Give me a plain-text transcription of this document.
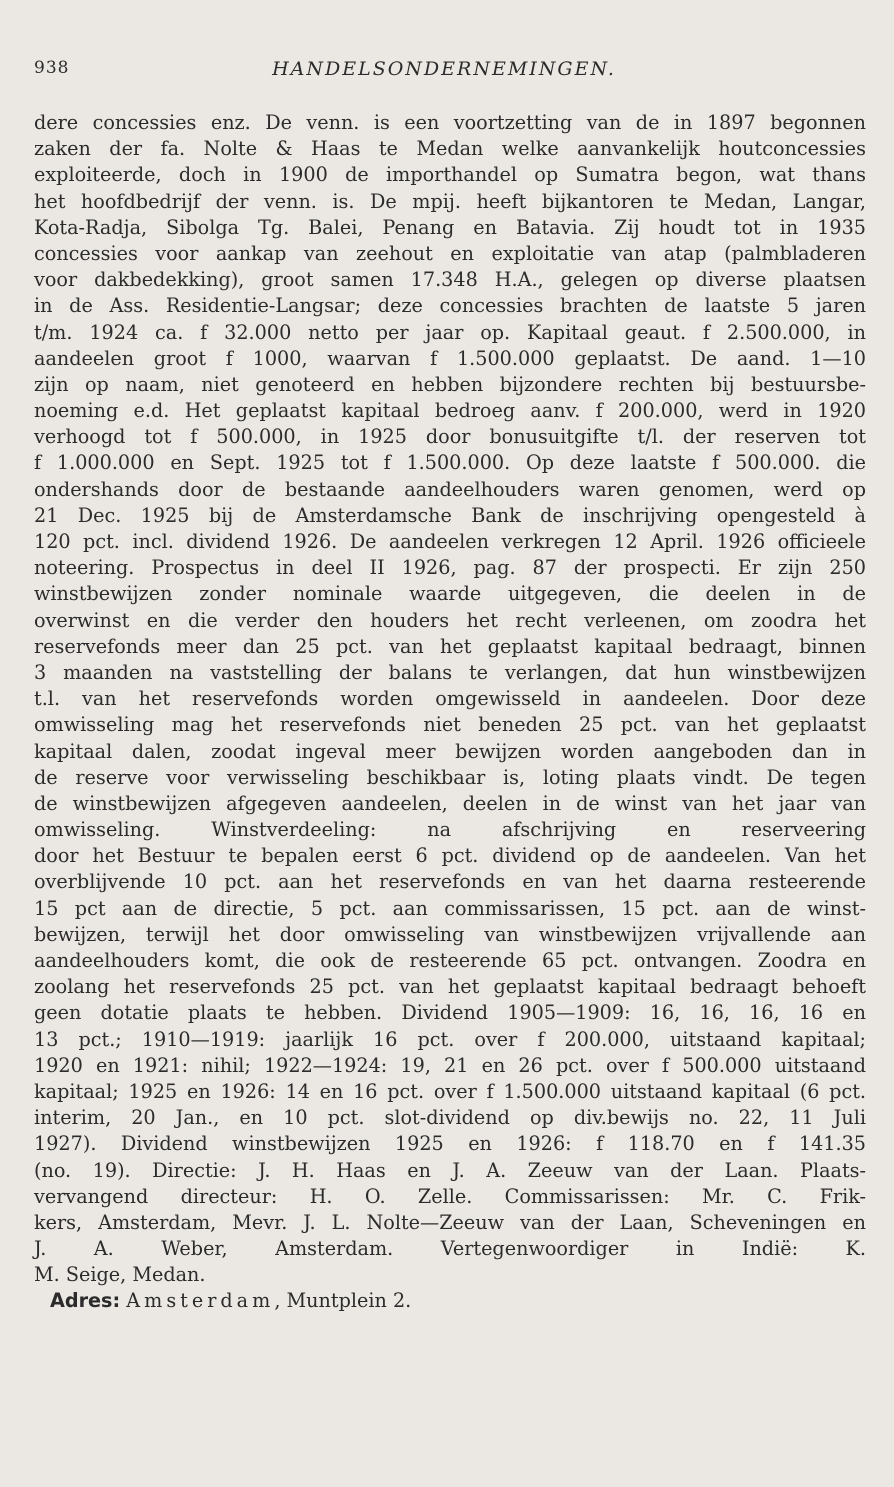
938	HANDELSONDERNEMINGEN.
dere concessies enz. De venn. is een voortzetting van de in 1897 begonnen
zaken der fa. Nolte & Haas te Medan welke aanvankelijk houtconcessies
exploiteerde, doch in 1900 de importhandel op Sumatra begon, wat thans
het hoofdbedrijf der venn. is. De mpij. heeft bijkantoren te Medan, Langar,
Kota-Radja, Sibolga Tg. Balei, Penang en Batavia. Zij houdt tot in 1935
concessies voor aankap van zeehout en exploitatie van atap (palmbladeren
voor dakbedekking), groot samen 17.348 H.A., gelegen op diverse plaatsen
in de Ass. Residentie-Langsar; deze concessies brachten de laatste 5 jaren
t/m. 1924 ca. f 32.000 netto per jaar op. Kapitaal geaut. f 2.500.000, in
aandeelen groot f 1000, waarvan f 1.500.000 geplaatst. De aand. 1—10
zijn op naam, niet genoteerd en hebben bijzondere rechten bij bestuursbe-
noeming e.d. Het geplaatst kapitaal bedroeg aanv. f 200.000, werd in 1920
verhoogd tot f 500.000, in 1925 door bonusuitgifte t/l. der reserven tot
f 1.000.000 en Sept. 1925 tot f 1.500.000. Op deze laatste f 500.000. die
ondershands door de bestaande aandeelhouders waren genomen, werd op
21 Dec. 1925 bij de Amsterdamsche Bank de inschrijving opengesteld à
120 pct. incl. dividend 1926. De aandeelen verkregen 12 April. 1926 officieele
noteering. Prospectus in deel II 1926, pag. 87 der prospecti. Er zijn 250
winstbewijzen zonder nominale waarde uitgegeven, die deelen in de
overwinst en die verder den houders het recht verleenen, om zoodra het
reservefonds meer dan 25 pct. van het geplaatst kapitaal bedraagt, binnen
3 maanden na vaststelling der balans te verlangen, dat hun winstbewijzen
t.l. van het reservefonds worden omgewisseld in aandeelen. Door deze
omwisseling mag het reservefonds niet beneden 25 pct. van het geplaatst
kapitaal dalen, zoodat ingeval meer bewijzen worden aangeboden dan in
de reserve voor verwisseling beschikbaar is, loting plaats vindt. De tegen
de winstbewijzen afgegeven aandeelen, deelen in de winst van het jaar van
omwisseling. Winstverdeeling: na afschrijving en reserveering
door het Bestuur te bepalen eerst 6 pct. dividend op de aandeelen. Van het
overblijvende 10 pct. aan het reservefonds en van het daarna resteerende
15 pct aan de directie, 5 pct. aan commissarissen, 15 pct. aan de winst-
bewijzen, terwijl het door omwisseling van winstbewijzen vrijvallende aan
aandeelhouders komt, die ook de resteerende 65 pct. ontvangen. Zoodra en
zoolang het reservefonds 25 pct. van het geplaatst kapitaal bedraagt behoeft
geen dotatie plaats te hebben. Dividend 1905—1909: 16, 16, 16, 16 en
13 pct.; 1910—1919: jaarlijk 16 pct. over f 200.000, uitstaand kapitaal;
1920 en 1921: nihil; 1922—1924: 19, 21 en 26 pct. over f 500.000 uitstaand
kapitaal; 1925 en 1926: 14 en 16 pct. over f 1.500.000 uitstaand kapitaal (6 pct.
interim, 20 Jan., en 10 pct. slot-dividend op div.bewijs no. 22, 11 Juli
1927). Dividend winstbewijzen 1925 en 1926: f 118.70 en f 141.35
(no. 19). Directie: J. H. Haas en J. A. Zeeuw van der Laan. Plaats-
vervangend directeur: H. O. Zelle. Commissarissen: Mr. C. Frik-
kers, Amsterdam, Mevr. J. L. Nolte—Zeeuw van der Laan, Scheveningen en
J. A. Weber, Amsterdam. Vertegenwoordiger in Indië: K.
M. Seige, Medan.
Adres: Amsterdam, Muntplein 2.
